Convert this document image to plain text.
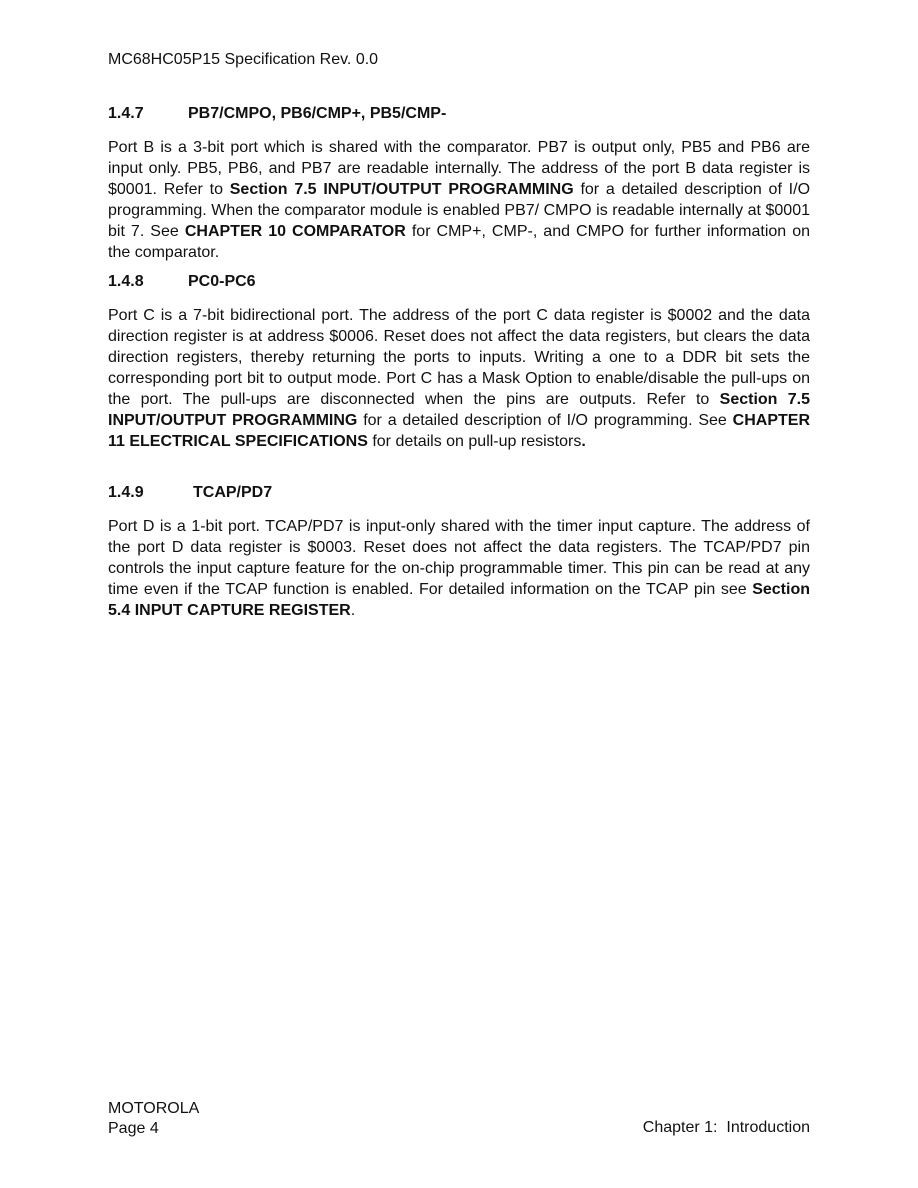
MC68HC05P15 Specification Rev. 0.0
1.4.7	PB7/CMPO, PB6/CMP+, PB5/CMP-
Port B is a 3-bit port which is shared with the comparator. PB7 is output only, PB5 and PB6 are input only. PB5, PB6, and PB7 are readable internally. The address of the port B data register is $0001. Refer to Section 7.5 INPUT/OUTPUT PROGRAMMING for a detailed description of I/O programming. When the comparator module is enabled PB7/ CMPO is readable internally at $0001 bit 7. See CHAPTER 10 COMPARATOR for CMP+, CMP-, and CMPO for further information on the comparator.
1.4.8	PC0-PC6
Port C is a 7-bit bidirectional port. The address of the port C data register is $0002 and the data direction register is at address $0006. Reset does not affect the data registers, but clears the data direction registers, thereby returning the ports to inputs. Writing a one to a DDR bit sets the corresponding port bit to output mode. Port C has a Mask Option to enable/disable the pull-ups on the port. The pull-ups are disconnected when the pins are outputs. Refer to Section 7.5 INPUT/OUTPUT PROGRAMMING for a detailed description of I/O programming. See CHAPTER 11 ELECTRICAL SPECIFICATIONS for details on pull-up resistors.
1.4.9	TCAP/PD7
Port D is a 1-bit port. TCAP/PD7 is input-only shared with the timer input capture. The address of the port D data register is $0003. Reset does not affect the data registers. The TCAP/PD7 pin controls the input capture feature for the on-chip programmable timer. This pin can be read at any time even if the TCAP function is enabled. For detailed information on the TCAP pin see Section 5.4 INPUT CAPTURE REGISTER.
MOTOROLA
Page 4	Chapter 1:  Introduction
